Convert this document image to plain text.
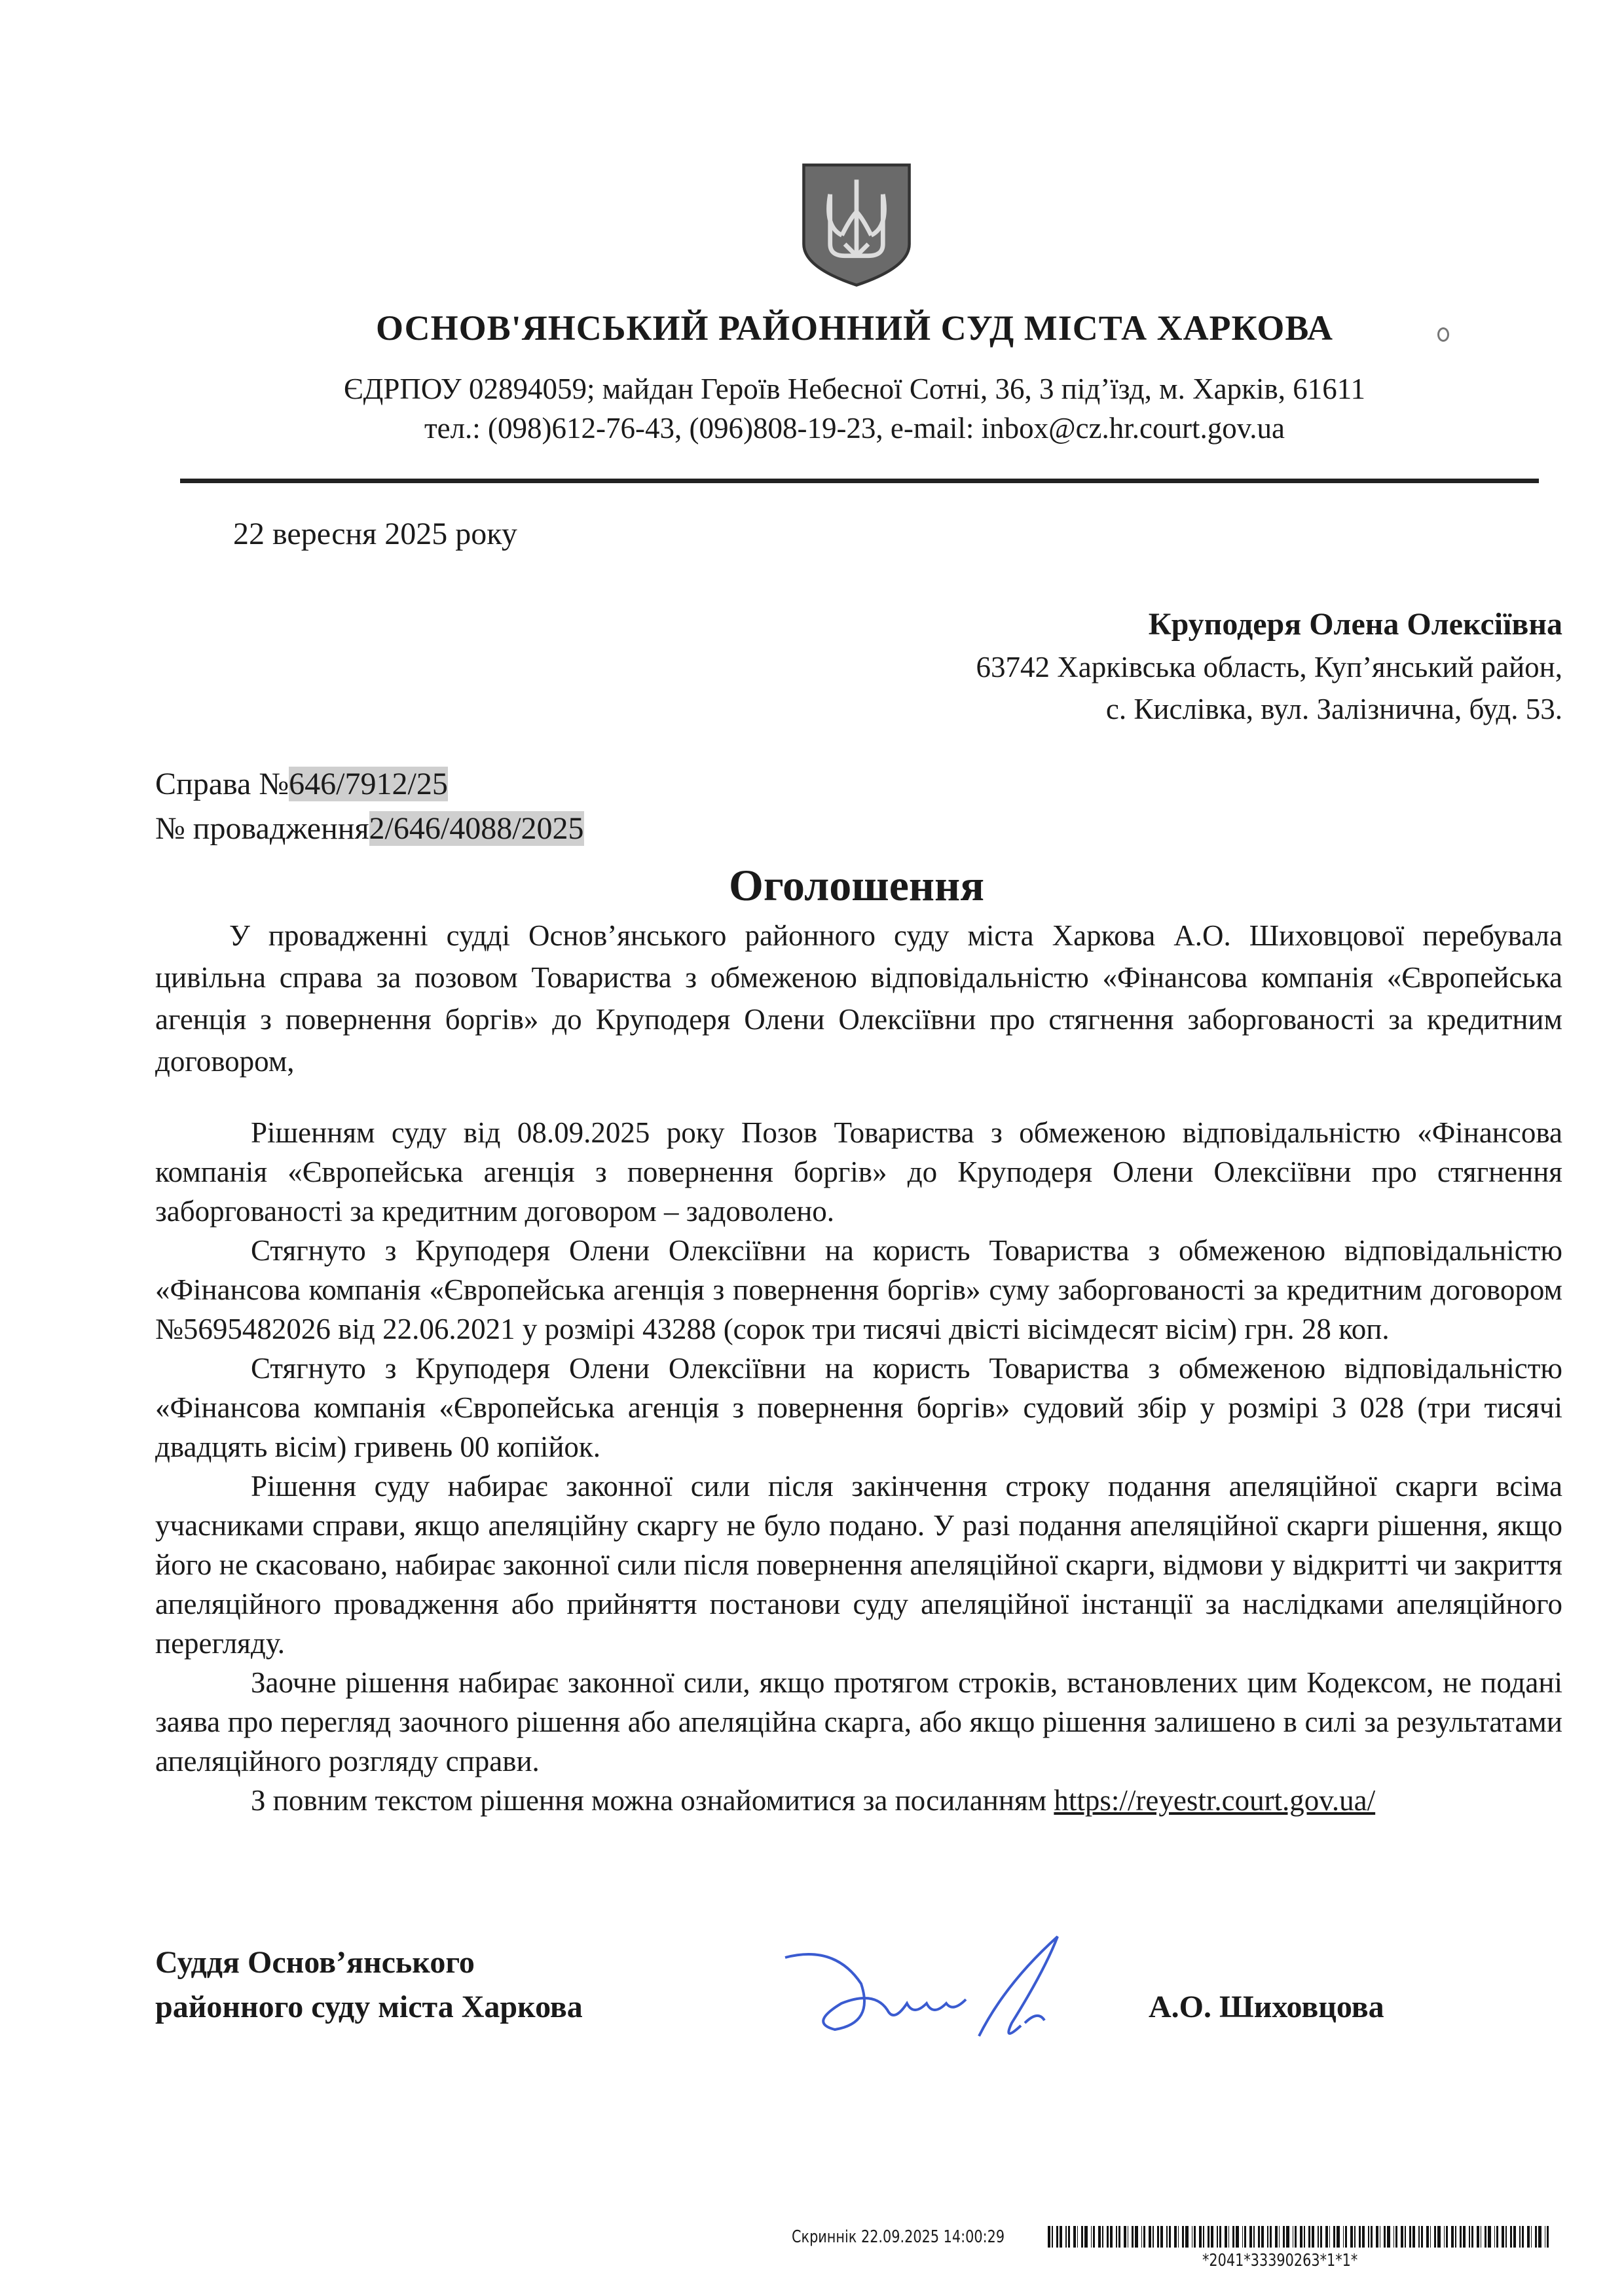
ОСНОВ'ЯНСЬКИЙ РАЙОННИЙ СУД МІСТА ХАРКОВА
ЄДРПОУ 02894059; майдан Героїв Небесної Сотні, 36, 3 під’їзд, м. Харків, 61611
тел.: (098)612-76-43, (096)808-19-23, e-mail: inbox@cz.hr.court.gov.ua
22 вересня 2025 року
Круподеря Олена Олексіївна
63742 Харківська область, Куп’янський район,
с. Кислівка, вул. Залізнична, буд. 53.
Справа №646/7912/25
№ провадження2/646/4088/2025
Оголошення
У провадженні судді Основ’янського районного суду міста Харкова А.О. Шиховцової перебувала цивільна справа за позовом Товариства з обмеженою відповідальністю «Фінансова компанія «Європейська агенція з повернення боргів» до Круподеря Олени Олексіївни про стягнення заборгованості за кредитним договором,

Рішенням суду від 08.09.2025 року Позов Товариства з обмеженою відповідальністю «Фінансова компанія «Європейська агенція з повернення боргів» до Круподеря Олени Олексіївни про стягнення заборгованості за кредитним договором – задоволено.

Стягнуто з Круподеря Олени Олексіївни на користь Товариства з обмеженою відповідальністю «Фінансова компанія «Європейська агенція з повернення боргів» суму заборгованості за кредитним договором №5695482026 від 22.06.2021 у розмірі 43288 (сорок три тисячі двісті вісімдесят вісім) грн. 28 коп.

Стягнуто з Круподеря Олени Олексіївни на користь Товариства з обмеженою відповідальністю «Фінансова компанія «Європейська агенція з повернення боргів» судовий збір у розмірі 3 028 (три тисячі двадцять вісім) гривень 00 копійок.

Рішення суду набирає законної сили після закінчення строку подання апеляційної скарги всіма учасниками справи, якщо апеляційну скаргу не було подано. У разі подання апеляційної скарги рішення, якщо його не скасовано, набирає законної сили після повернення апеляційної скарги, відмови у відкритті чи закриття апеляційного провадження або прийняття постанови суду апеляційної інстанції за наслідками апеляційного перегляду.

Заочне рішення набирає законної сили, якщо протягом строків, встановлених цим Кодексом, не подані заява про перегляд заочного рішення або апеляційна скарга, або якщо рішення залишено в силі за результатами апеляційного розгляду справи.

З повним текстом рішення можна ознайомитися за посиланням https://reyestr.court.gov.ua/

Суддя Основ’янського
районного суду міста Харкова	А.О. Шиховцова
Скриннік 22.09.2025 14:00:29
*2041*33390263*1*1*
